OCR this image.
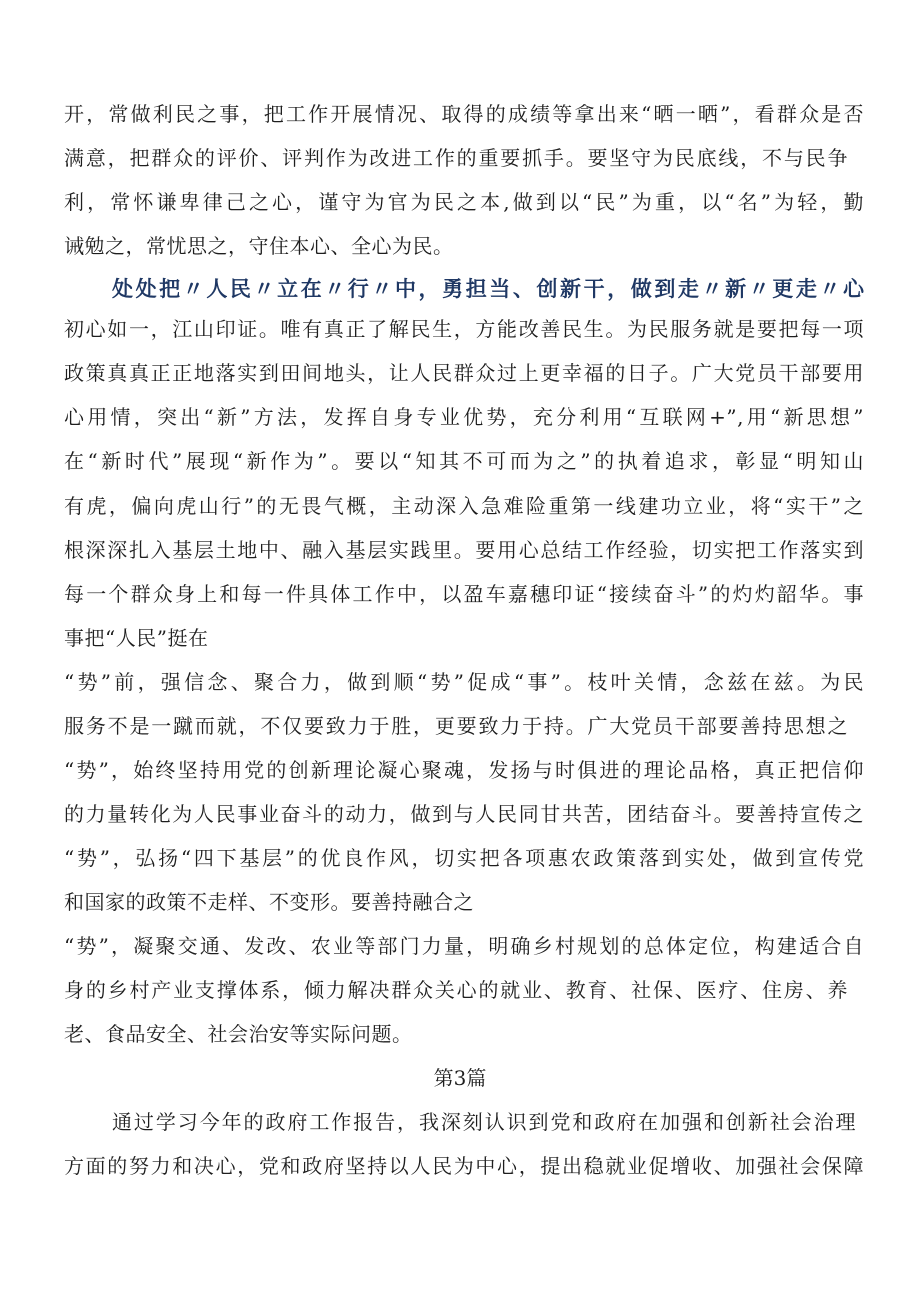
开，常做利民之事，把工作开展情况、取得的成绩等拿出来“晒一晒”，看群众是否
满意，把群众的评价、评判作为改进工作的重要抓手。要坚守为民底线，不与民争
利，常怀谦卑律己之心，谨守为官为民之本,做到以“民”为重，以“名”为轻，勤
诫勉之，常忧思之，守住本心、全心为民。
处处把〃人民〃立在〃行〃中，勇担当、创新干，做到走〃新〃更走〃心
初心如一，江山印证。唯有真正了解民生，方能改善民生。为民服务就是要把每一项
政策真真正正地落实到田间地头，让人民群众过上更幸福的日子。广大党员干部要用
心用情，突出“新”方法，发挥自身专业优势，充分利用“互联网+”,用“新思想”
在“新时代”展现“新作为”。要以“知其不可而为之”的执着追求，彰显“明知山
有虎，偏向虎山行”的无畏气概，主动深入急难险重第一线建功立业，将“实干”之
根深深扎入基层土地中、融入基层实践里。要用心总结工作经验，切实把工作落实到
每一个群众身上和每一件具体工作中，以盈车嘉穗印证“接续奋斗”的灼灼韶华。事
事把“人民”挺在
“势”前，强信念、聚合力，做到顺“势”促成“事”。枝叶关情，念兹在兹。为民
服务不是一蹴而就，不仅要致力于胜，更要致力于持。广大党员干部要善持思想之
“势”，始终坚持用党的创新理论凝心聚魂，发扬与时俱进的理论品格，真正把信仰
的力量转化为人民事业奋斗的动力，做到与人民同甘共苦，团结奋斗。要善持宣传之
“势”，弘扬“四下基层”的优良作风，切实把各项惠农政策落到实处，做到宣传党
和国家的政策不走样、不变形。要善持融合之
“势”，凝聚交通、发改、农业等部门力量，明确乡村规划的总体定位，构建适合自
身的乡村产业支撑体系，倾力解决群众关心的就业、教育、社保、医疗、住房、养
老、食品安全、社会治安等实际问题。
第3篇
通过学习今年的政府工作报告，我深刻认识到党和政府在加强和创新社会治理
方面的努力和决心，党和政府坚持以人民为中心，提出稳就业促增收、加强社会保障
